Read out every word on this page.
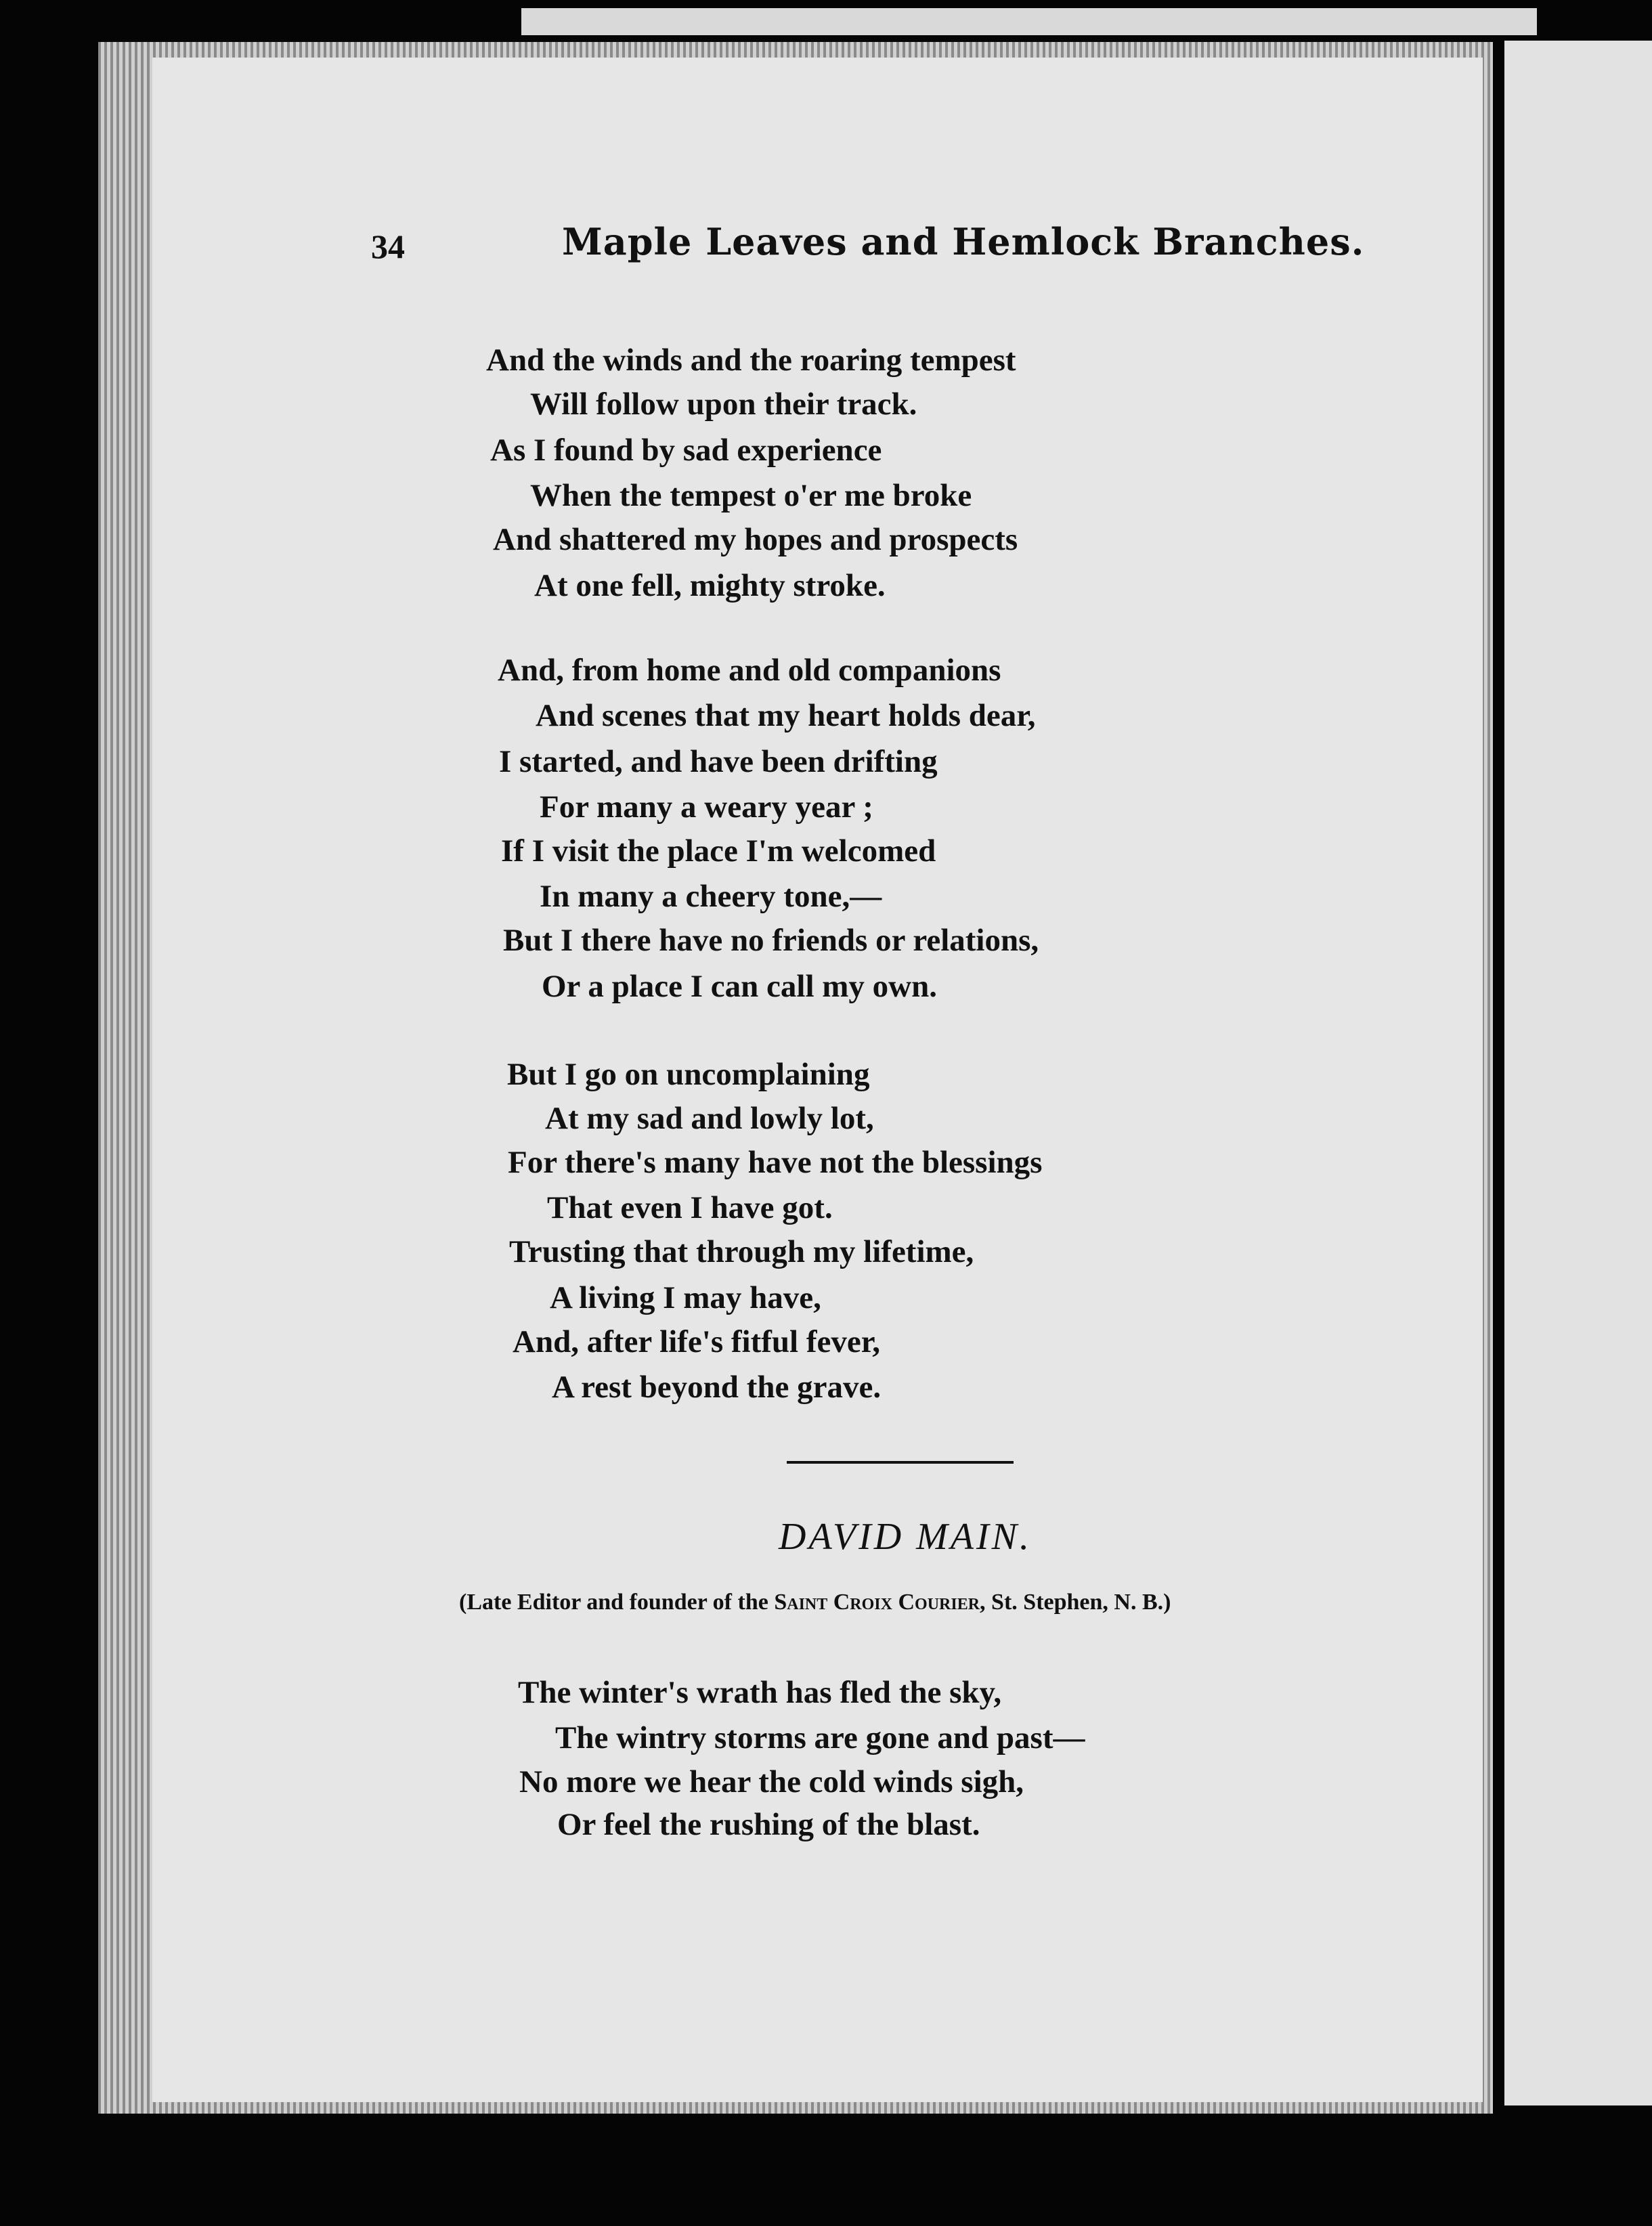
34	Maple Leaves and Hemlock Branches.
And the winds and the roaring tempest
Will follow upon their track.
As I found by sad experience
When the tempest o'er me broke
And shattered my hopes and prospects
At one fell, mighty stroke.
And, from home and old companions
And scenes that my heart holds dear,
I started, and have been drifting
For many a weary year ;
If I visit the place I'm welcomed
In many a cheery tone,—
But I there have no friends or relations,
Or a place I can call my own.
But I go on uncomplaining
At my sad and lowly lot,
For there's many have not the blessings
That even I have got.
Trusting that through my lifetime,
A living I may have,
And, after life's fitful fever,
A rest beyond the grave.
DAVID MAIN.
(Late Editor and founder of the Saint Croix Courier, St. Stephen, N. B.)
The winter's wrath has fled the sky,
The wintry storms are gone and past—
No more we hear the cold winds sigh,
Or feel the rushing of the blast.
